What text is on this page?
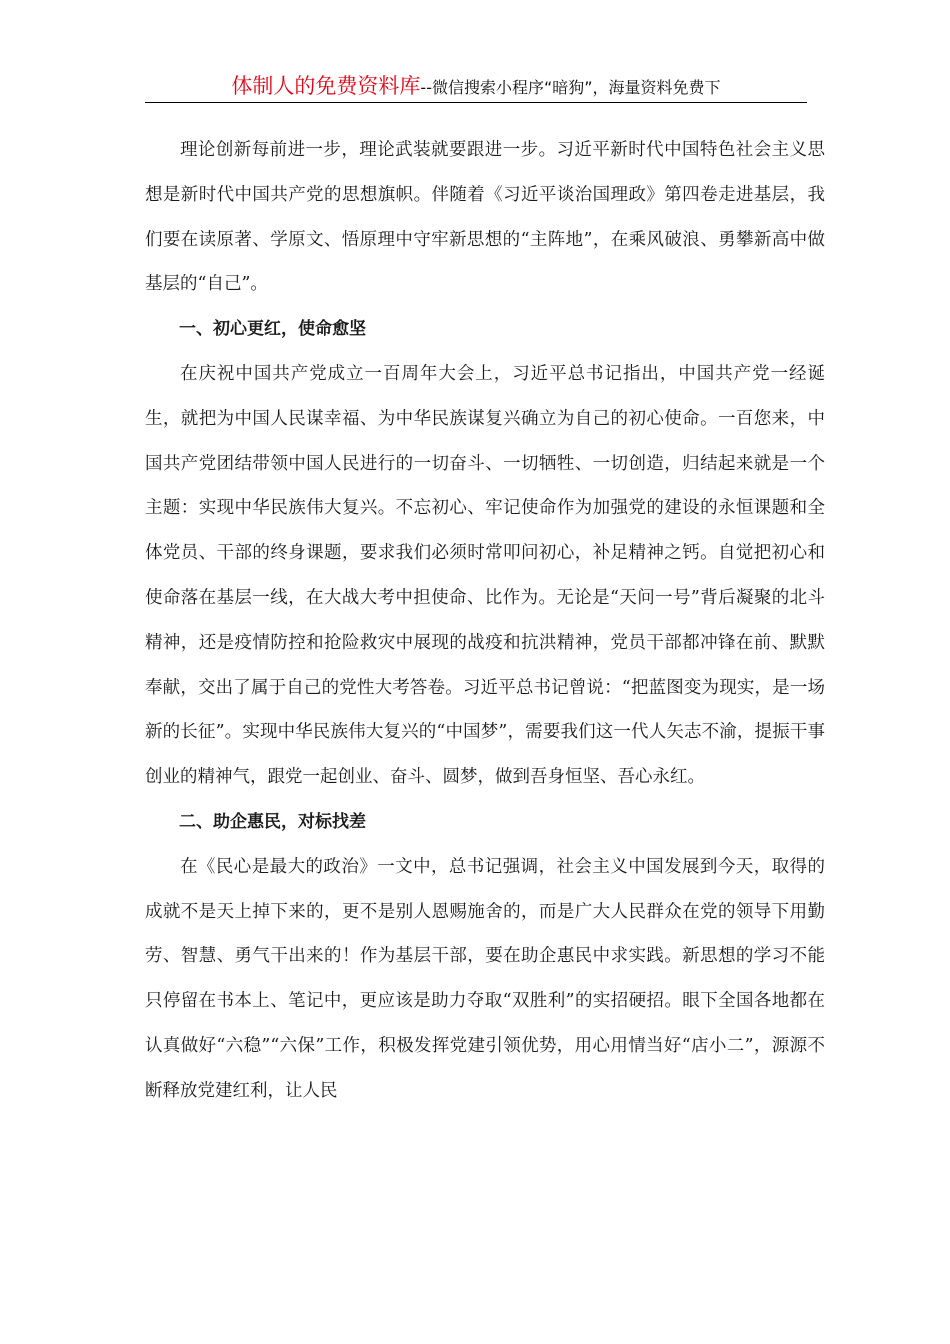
体制人的免费资料库--微信搜索小程序“暗狗”，海量资料免费下

理论创新每前进一步，理论武装就要跟进一步。习近平新时代中国特色社会主义思想是新时代中国共产党的思想旗帜。伴随着《习近平谈治国理政》第四卷走进基层，我们要在读原著、学原文、悟原理中守牢新思想的“主阵地”，在乘风破浪、勇攀新高中做基层的“自己”。

一、初心更红，使命愈坚

在庆祝中国共产党成立一百周年大会上，习近平总书记指出，中国共产党一经诞生，就把为中国人民谋幸福、为中华民族谋复兴确立为自己的初心使命。一百您来，中国共产党团结带领中国人民进行的一切奋斗、一切牺牲、一切创造，归结起来就是一个主题：实现中华民族伟大复兴。不忘初心、牢记使命作为加强党的建设的永恒课题和全体党员、干部的终身课题，要求我们必须时常叩问初心，补足精神之钙。自觉把初心和使命落在基层一线，在大战大考中担使命、比作为。无论是“天问一号”背后凝聚的北斗精神，还是疫情防控和抢险救灾中展现的战疫和抗洪精神，党员干部都冲锋在前、默默奉献，交出了属于自己的党性大考答卷。习近平总书记曾说：“把蓝图变为现实，是一场新的长征”。实现中华民族伟大复兴的“中国梦”，需要我们这一代人矢志不渝，提振干事创业的精神气，跟党一起创业、奋斗、圆梦，做到吾身恒坚、吾心永红。

二、助企惠民，对标找差

在《民心是最大的政治》一文中，总书记强调，社会主义中国发展到今天，取得的成就不是天上掉下来的，更不是别人恩赐施舍的，而是广大人民群众在党的领导下用勤劳、智慧、勇气干出来的！作为基层干部，要在助企惠民中求实践。新思想的学习不能只停留在书本上、笔记中，更应该是助力夺取“双胜利”的实招硬招。眼下全国各地都在认真做好“六稳”“六保”工作，积极发挥党建引领优势，用心用情当好“店小二”，源源不断释放党建红利，让人民
